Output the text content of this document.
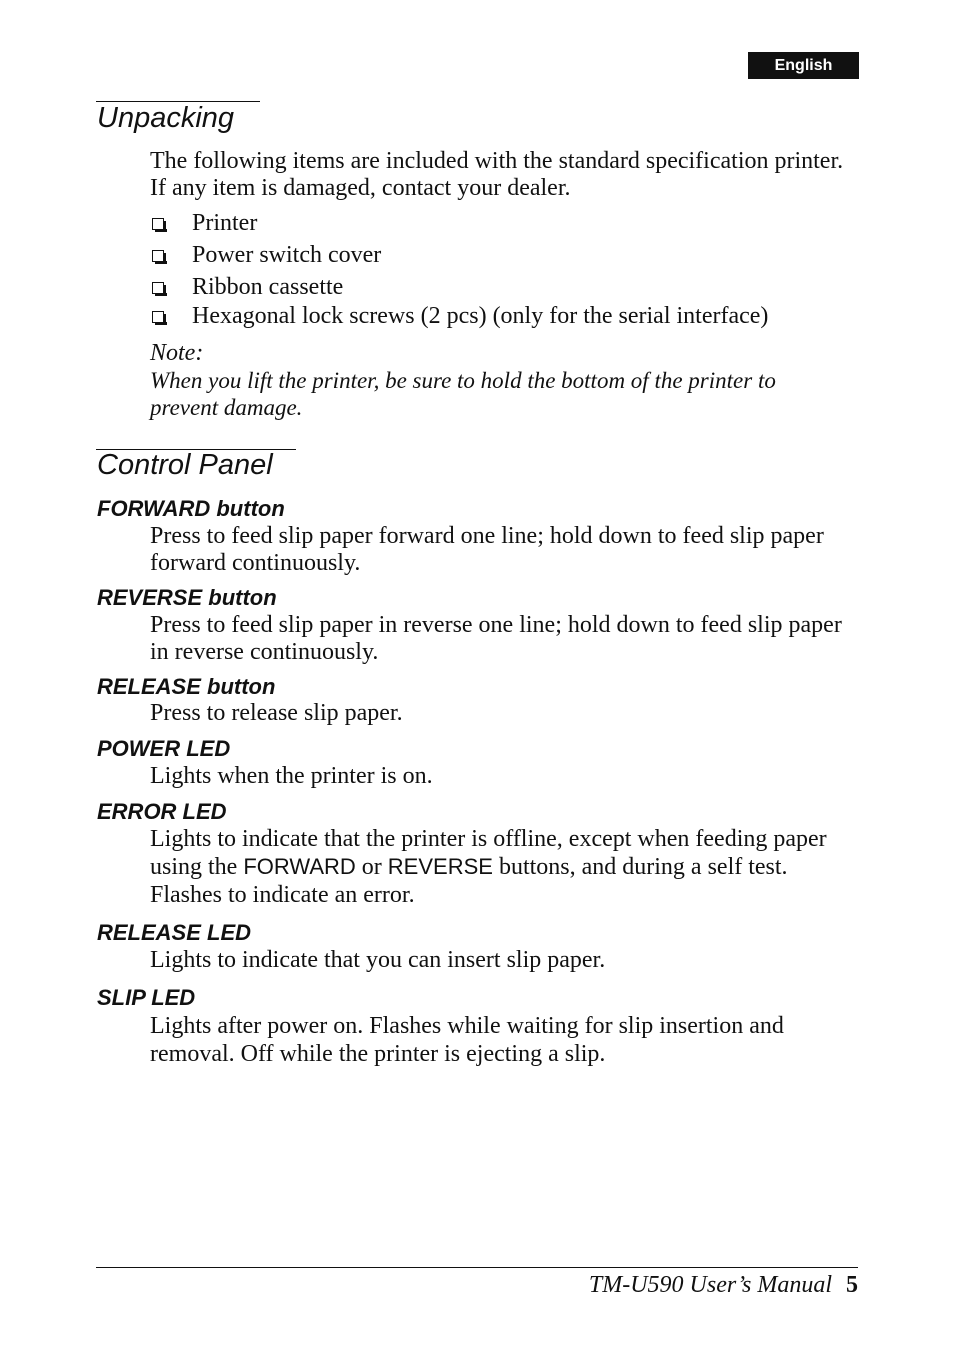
English
Unpacking

The following items are included with the standard specification printer. If any item is damaged, contact your dealer.

Printer
Power switch cover
Ribbon cassette
Hexagonal lock screws (2 pcs) (only for the serial interface)

Note:

When you lift the printer, be sure to hold the bottom of the printer to prevent damage.

Control Panel
FORWARD button

Press to feed slip paper forward one line; hold down to feed slip paper forward continuously.

REVERSE button

Press to feed slip paper in reverse one line; hold down to feed slip paper in reverse continuously.

RELEASE button

Press to release slip paper.

POWER LED

Lights when the printer is on.

ERROR LED

Lights to indicate that the printer is offline, except when feeding paper using the FORWARD or REVERSE buttons, and during a self test. Flashes to indicate an error.

RELEASE LED

Lights to indicate that you can insert slip paper.

SLIP LED

Lights after power on. Flashes while waiting for slip insertion and removal. Off while the printer is ejecting a slip.

TM-U590 User’s Manual 5
